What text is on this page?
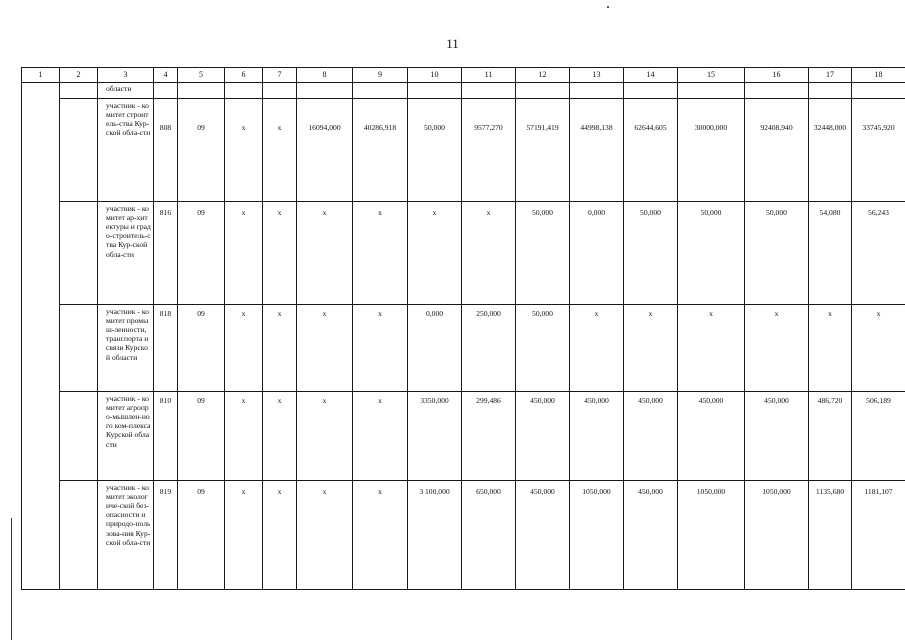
11
1	2	3	4	5	6	7	8	9	10	11	12	13	14	15	16	17	18
		области															
		участник - комитет строитель-ства Кур-ской обла-сти	808	09	х	х	16094,000	40286,918	50,000	9577,270	57191,419	44998,138	62644,605	30000,000	92408,940	32448,000	33745,920
		участник - комитет ар-хитектуры и градо-строитель-ства Кур-ской обла-сти	816	09	х	х	х	х	х	х	50,000	0,000	50,000	50,000	50,000	54,080	56,243
		участник - комитет промыш-ленности, транспорта и связи Курской области	818	09	х	х	х	х	0,000	250,000	50,000	х	х	х	х	х	х
		участник - комитет агропро-мышлен-ного ком-плекса Курской области	810	09	х	х	х	х	3350,000	299,486	450,000	450,000	450,000	450,000	450,000	486,720	506,189
		участник - комитет экологиче-ской без-опасности и природо-пользова-ния Кур-ской обла-сти	819	09	х	х	х	х	3 100,000	650,000	450,000	1050,000	450,000	1050,000	1050,000	1135,680	1181,107
